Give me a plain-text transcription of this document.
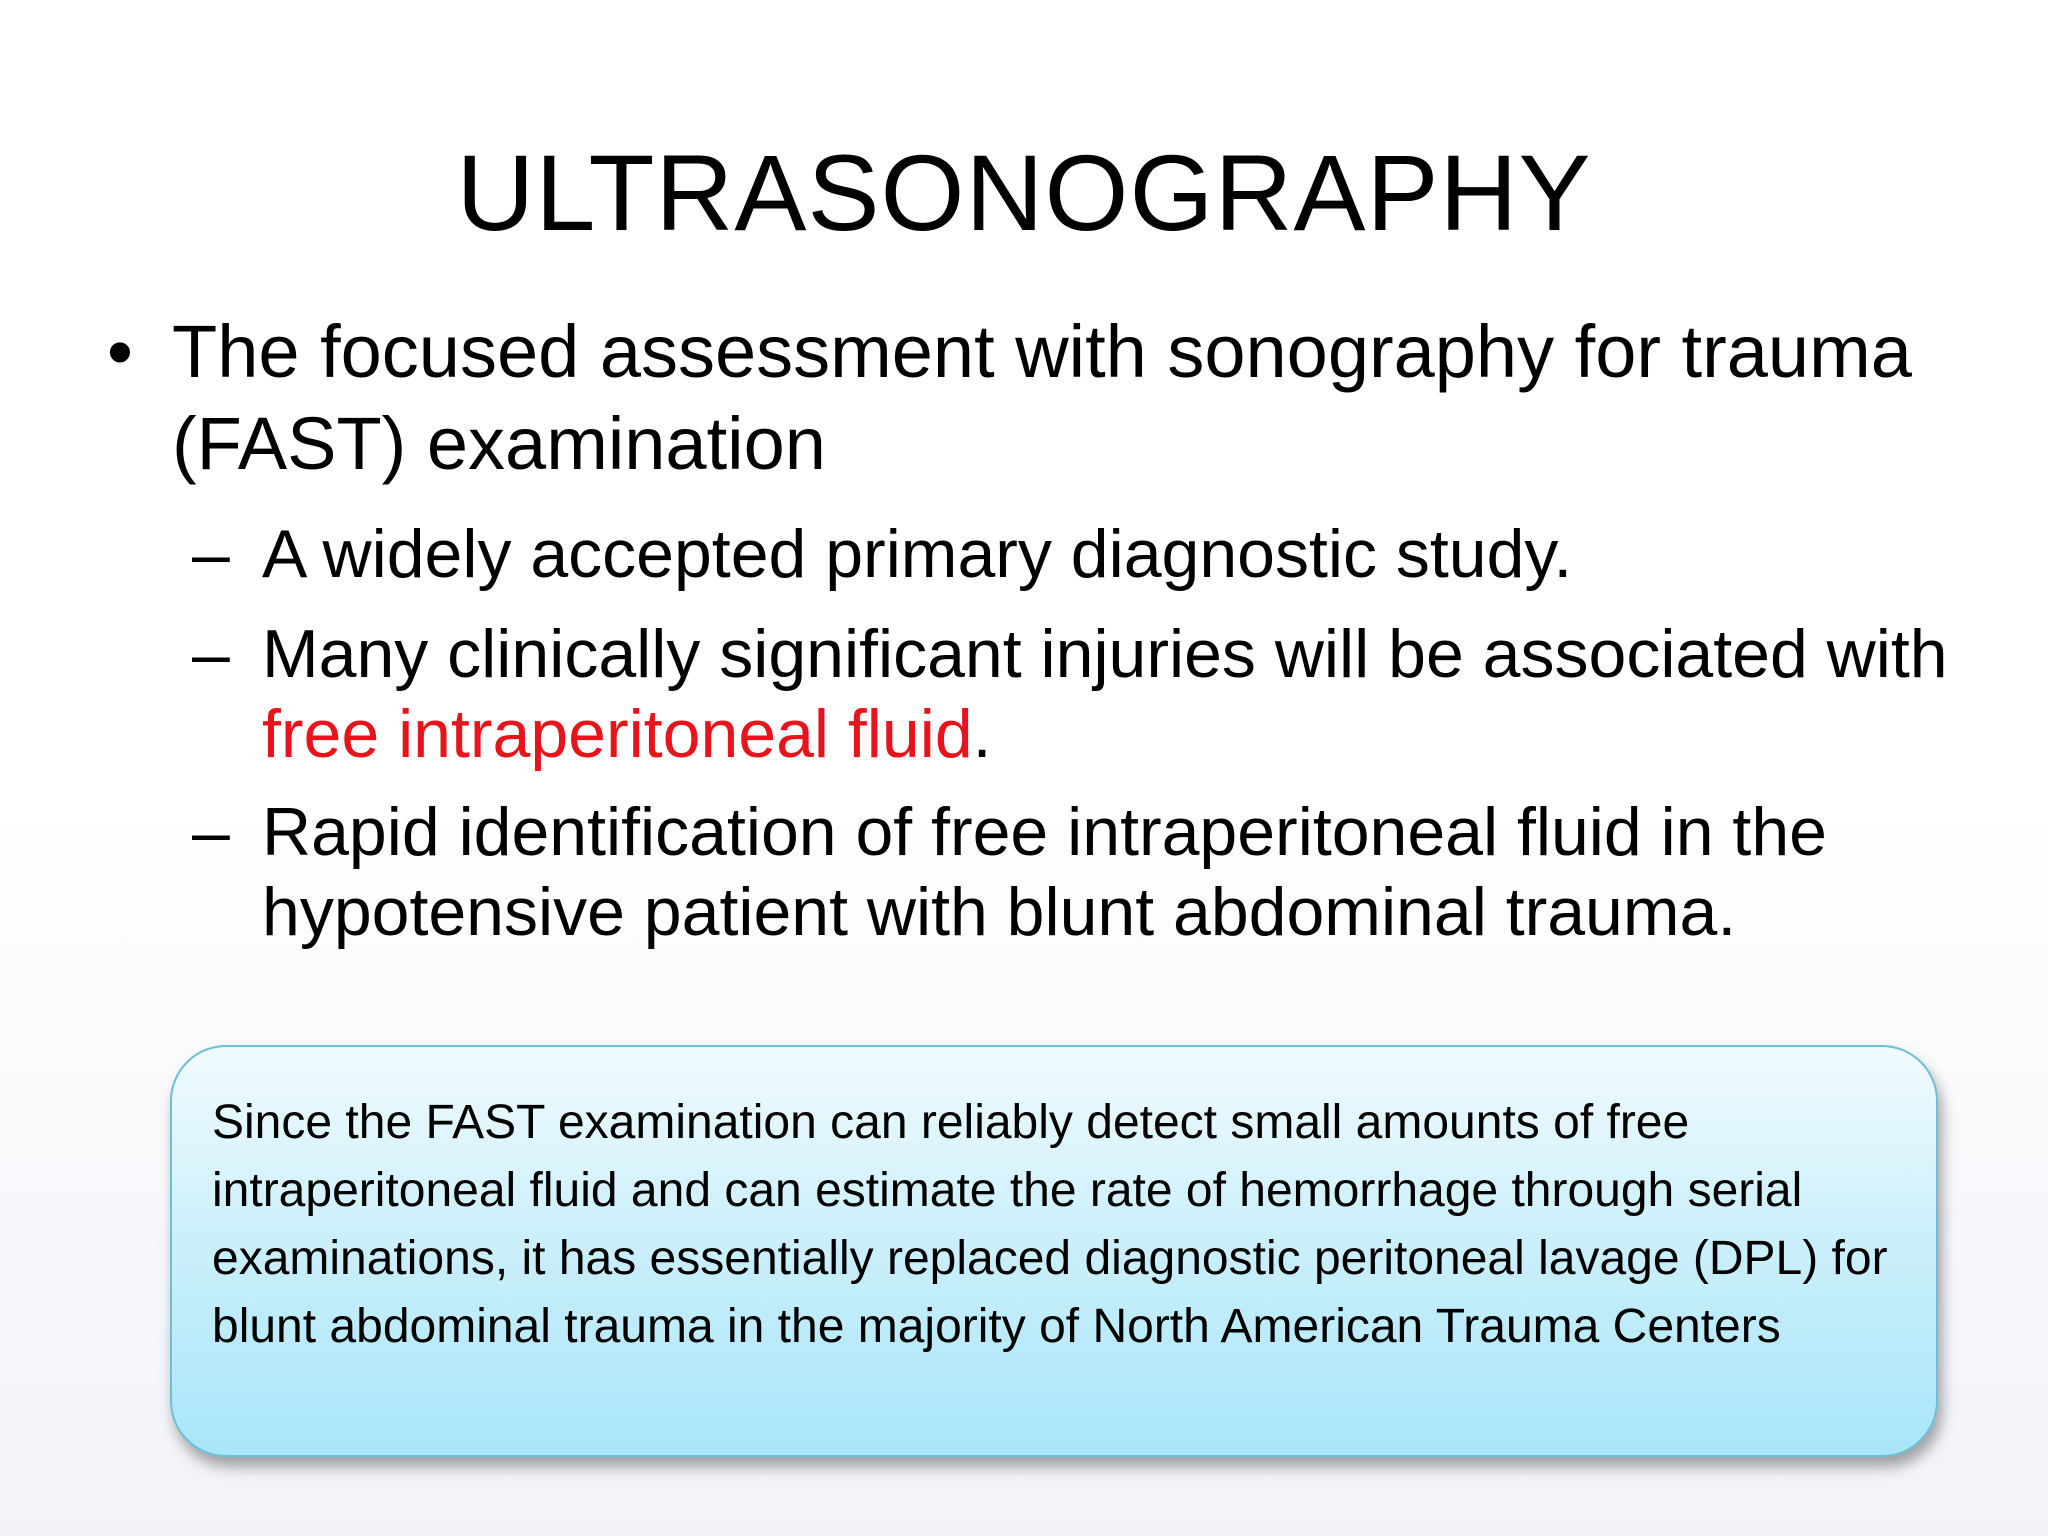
ULTRASONOGRAPHY
• The focused assessment with sonography for trauma (FAST) examination
– A widely accepted primary diagnostic study.
– Many clinically significant injuries will be associated with free intraperitoneal fluid.
– Rapid identification of free intraperitoneal fluid in the hypotensive patient with blunt abdominal trauma.
Since the FAST examination can reliably detect small amounts of free intraperitoneal fluid and can estimate the rate of hemorrhage through serial examinations, it has essentially replaced diagnostic peritoneal lavage (DPL) for blunt abdominal trauma in the majority of North American Trauma Centers
